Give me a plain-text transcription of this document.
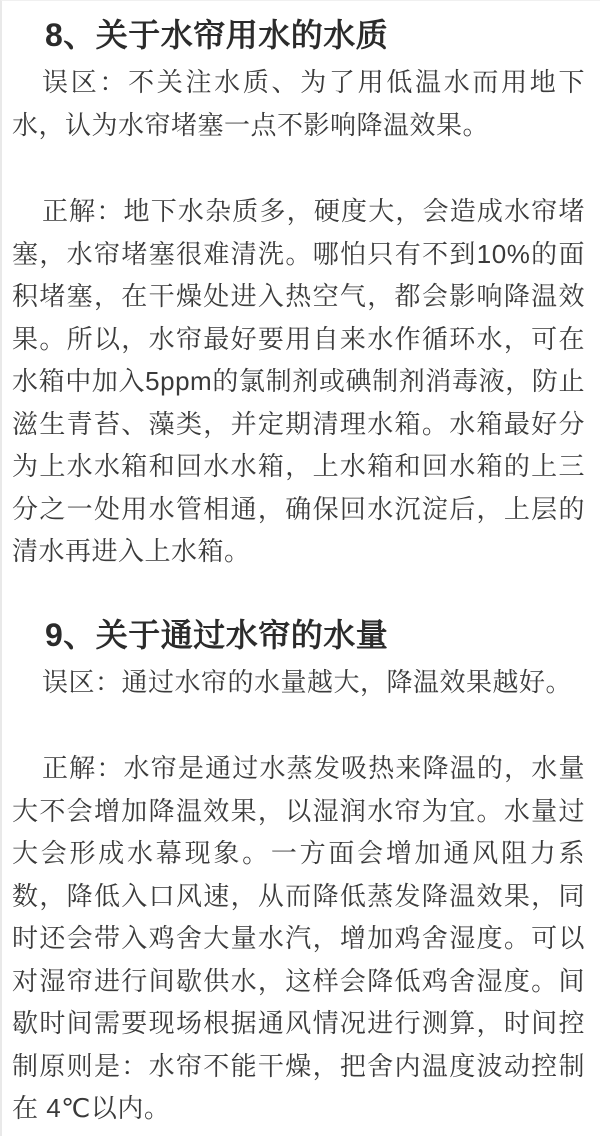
8、关于水帘用水的水质

误区：不关注水质、为了用低温水而用地下水，认为水帘堵塞一点不影响降温效果。

正解：地下水杂质多，硬度大，会造成水帘堵塞，水帘堵塞很难清洗。哪怕只有不到10%的面积堵塞，在干燥处进入热空气，都会影响降温效果。所以，水帘最好要用自来水作循环水，可在水箱中加入5ppm的氯制剂或碘制剂消毒液，防止滋生青苔、藻类，并定期清理水箱。水箱最好分为上水水箱和回水水箱，上水箱和回水箱的上三分之一处用水管相通，确保回水沉淀后，上层的清水再进入上水箱。

9、关于通过水帘的水量

误区：通过水帘的水量越大，降温效果越好。

正解：水帘是通过水蒸发吸热来降温的，水量大不会增加降温效果，以湿润水帘为宜。水量过大会形成水幕现象。一方面会增加通风阻力系数，降低入口风速，从而降低蒸发降温效果，同时还会带入鸡舍大量水汽，增加鸡舍湿度。可以对湿帘进行间歇供水，这样会降低鸡舍湿度。间歇时间需要现场根据通风情况进行测算，时间控制原则是：水帘不能干燥，把舍内温度波动控制在 4℃以内。
